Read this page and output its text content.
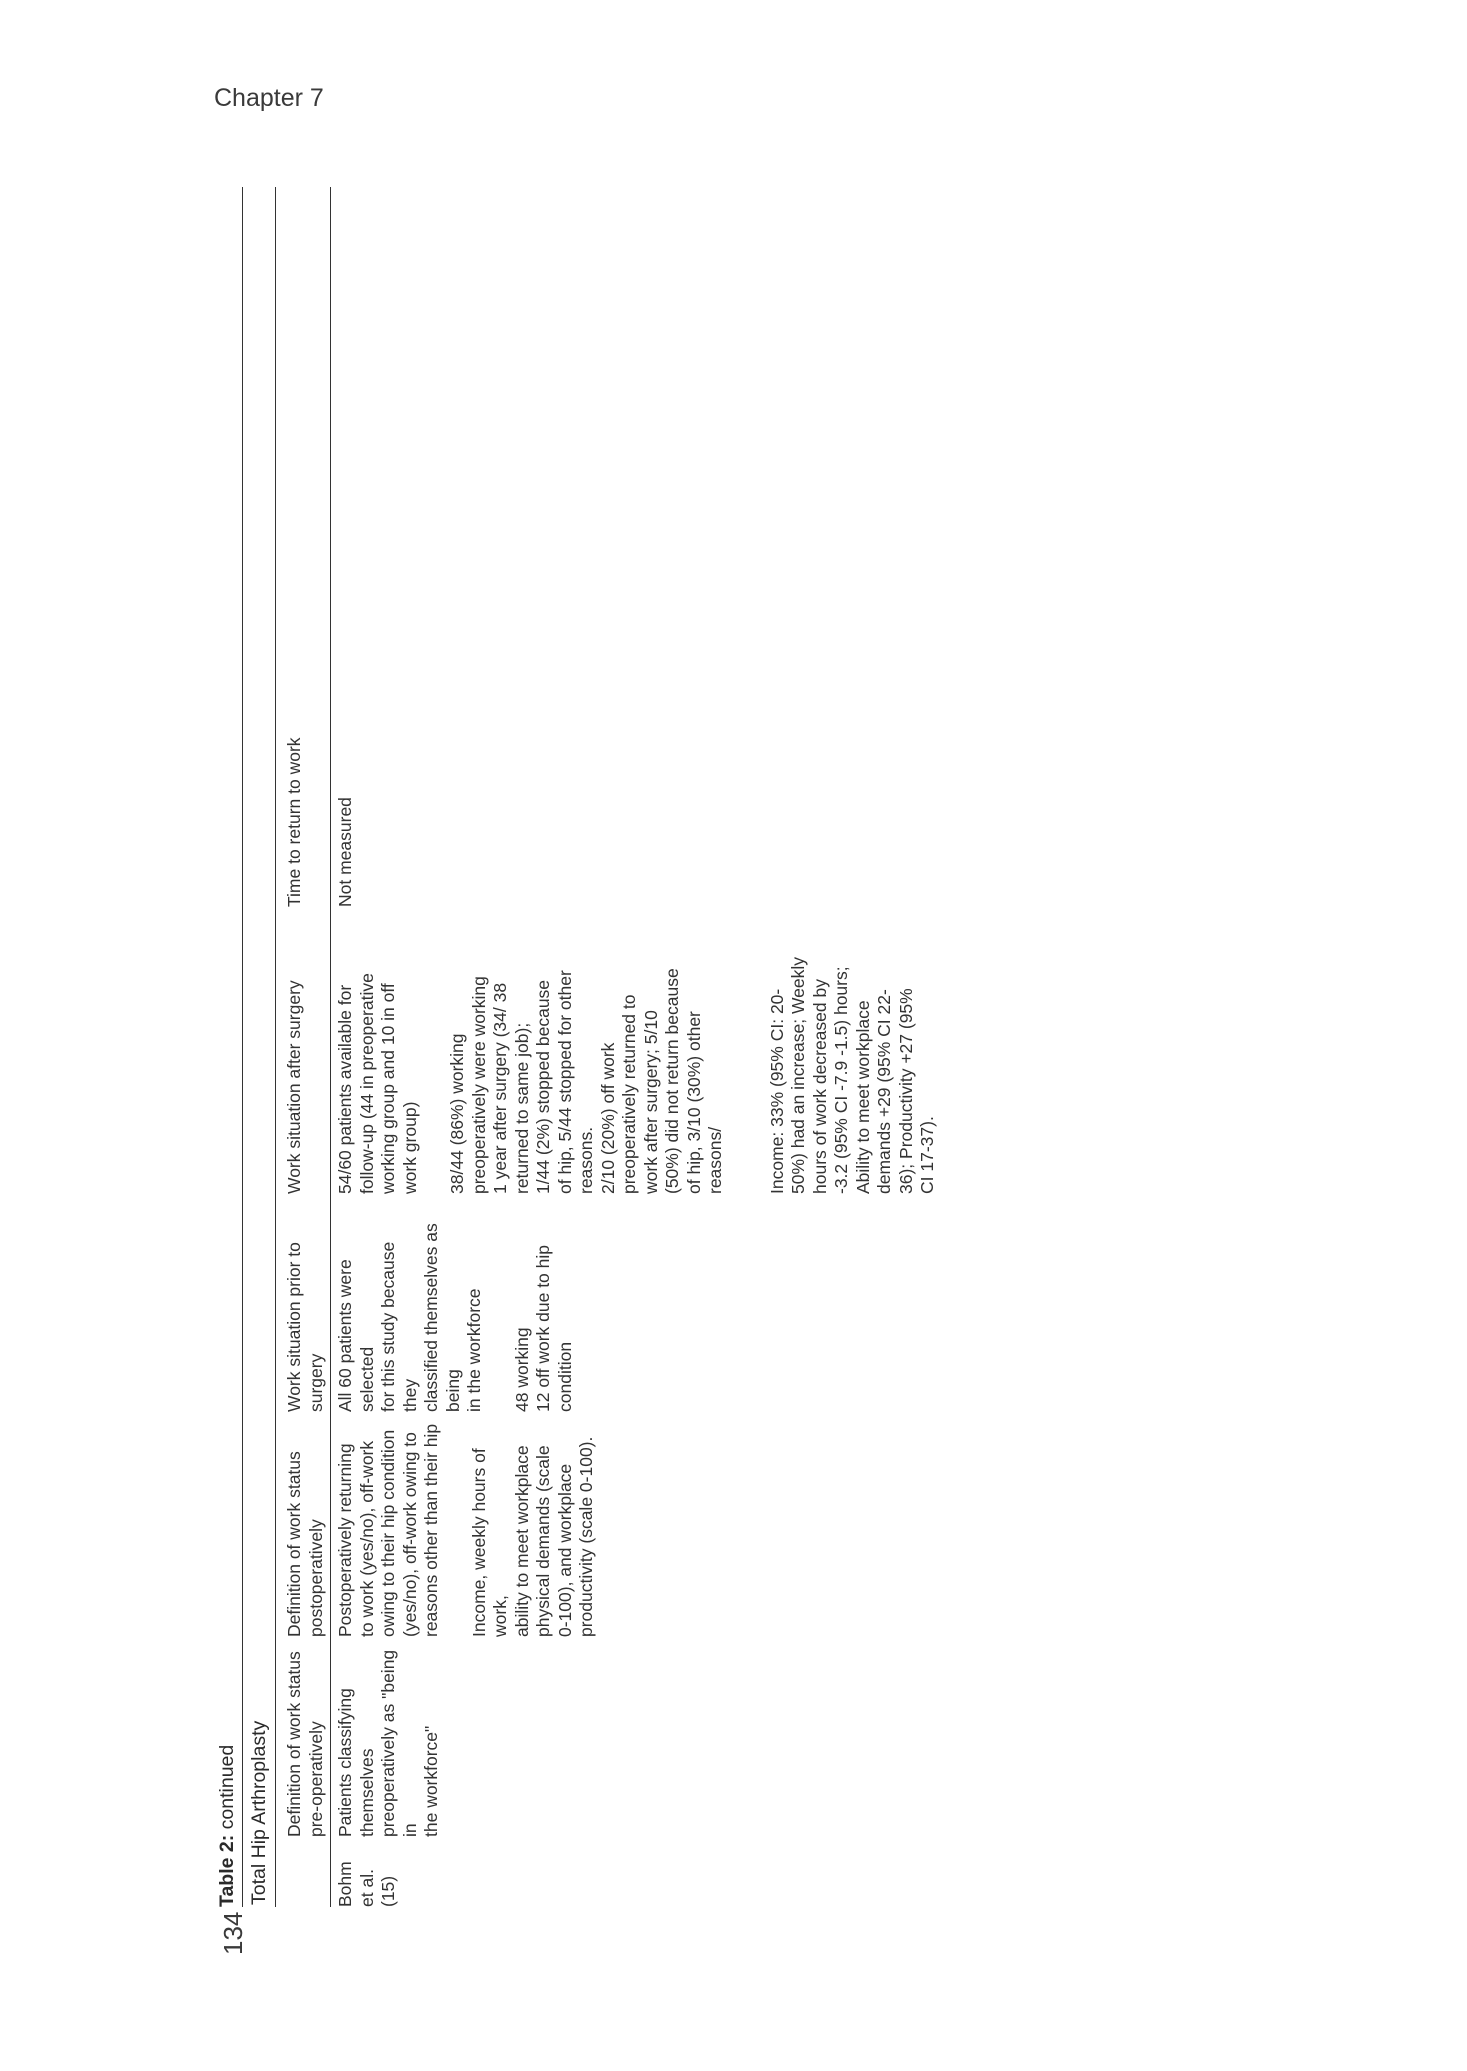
Chapter 7
134
Table 2: continued Total Hip Arthroplasty Definition of work status
pre-operatively
Definition of work status
postoperatively
Work situation prior to
surgery
Work situation after surgery
Time to return to work
Bohm et al.
(15)
Patients classifying themselves
preoperatively as "being in
the workforce"
Postoperatively returning
to work (yes/no), off-work
owing to their hip condition
(yes/no), off-work owing to
reasons other than their hip
Income, weekly hours of
work,
ability to meet workplace
physical demands (scale
0-100), and workplace
productivity (scale 0-100).
All 60 patients were selected
for this study because they
classified themselves as being
in the workforce
48 working
12 off work due to hip
condition
54/60 patients available for
follow-up (44 in preoperative
working group and 10 in off
work group)
38/44 (86%) working
preoperatively were working
1 year after surgery (34/ 38
returned to same job);
1/44 (2%) stopped because
of hip, 5/44 stopped for other
reasons.
2/10 (20%) off work
preoperatively returned to
work after surgery; 5/10
(50%) did not return because
of hip, 3/10 (30%) other
reasons/ Income: 33% (95% CI: 20-
50%) had an increase; Weekly
hours of work decreased by
-3.2 (95% CI -7.9 -1.5) hours;
Ability to meet workplace
demands +29 (95% CI 22-
36); Productivity +27 (95%
CI 17-37).
Not measured
